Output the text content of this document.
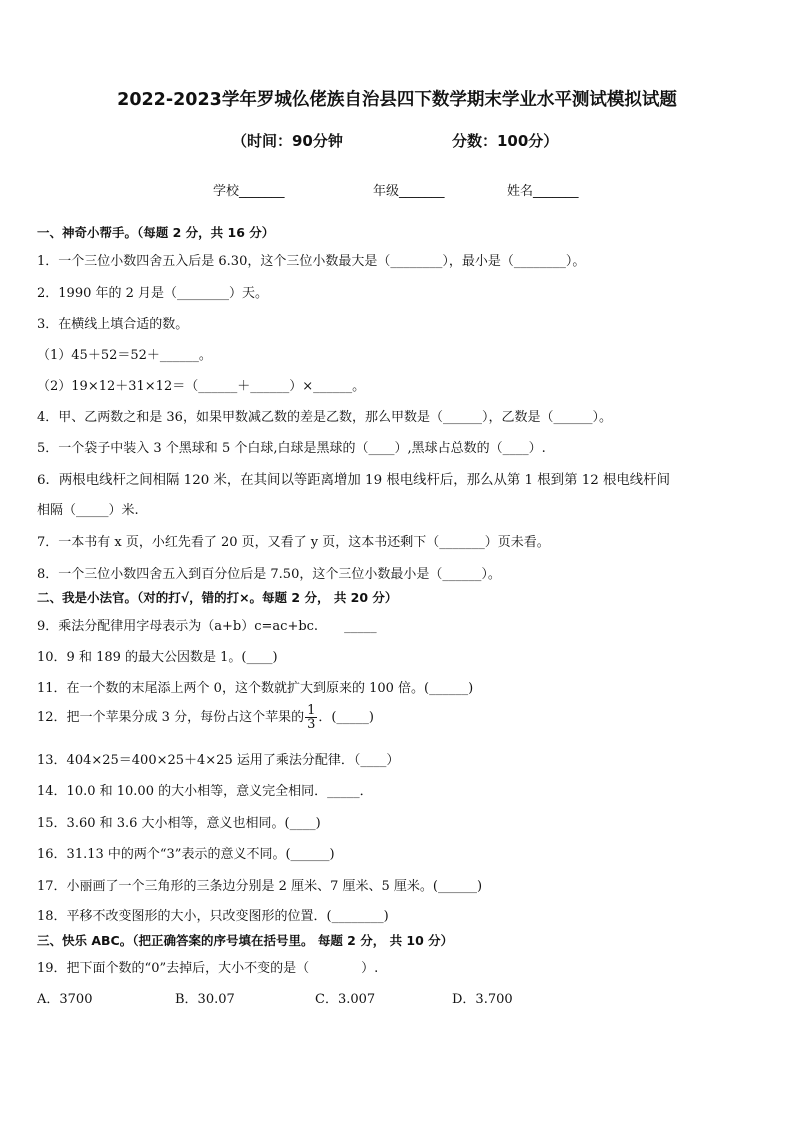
2022-2023学年罗城仫佬族自治县四下数学期末学业水平测试模拟试题
（时间：90分钟	分数：100分）
学校_______	年级_______	姓名_______
一、神奇小帮手。（每题 2 分，共 16 分）
1．一个三位小数四舍五入后是 6.30，这个三位小数最大是（________），最小是（________）。
2．1990 年的 2 月是（________）天。
3．在横线上填合适的数。
（1）45＋52＝52＋______。
（2）19×12＋31×12＝（______＋______）×______。
4．甲、乙两数之和是 36，如果甲数减乙数的差是乙数，那么甲数是（______），乙数是（______）。
5．一个袋子中装入 3 个黑球和 5 个白球,白球是黑球的（____）,黑球占总数的（____）.
6．两根电线杆之间相隔 120 米，在其间以等距离增加 19 根电线杆后，那么从第 1 根到第 12 根电线杆间
相隔（_____）米.
7．一本书有 x 页，小红先看了 20 页，又看了 y 页，这本书还剩下（_______）页未看。
8．一个三位小数四舍五入到百分位后是 7.50，这个三位小数最小是（______）。
二、我是小法官。（对的打√，错的打×。每题 2 分， 共 20 分）
9．乘法分配律用字母表示为（a+b）c=ac+bc.　　_____
10．9 和 189 的最大公因数是 1。(____)
11．在一个数的末尾添上两个 0，这个数就扩大到原来的 100 倍。(______)
12．把一个苹果分成 3 分，每份占这个苹果的 $\frac{1}{3}$ ．(_____)
13．404×25＝400×25＋4×25 运用了乘法分配律．（____）
14．10.0 和 10.00 的大小相等，意义完全相同．_____．
15．3.60 和 3.6 大小相等，意义也相同。(____)
16．31.13 中的两个“3”表示的意义不同。(______)
17．小丽画了一个三角形的三条边分别是 2 厘米、7 厘米、5 厘米。(______)
18．平移不改变图形的大小，只改变图形的位置．(________)
三、快乐 ABC。（把正确答案的序号填在括号里。 每题 2 分， 共 10 分）
19．把下面个数的“0”去掉后，大小不变的是（　　　　）.
A．3700	B．30.07	C．3.007	D．3.700
